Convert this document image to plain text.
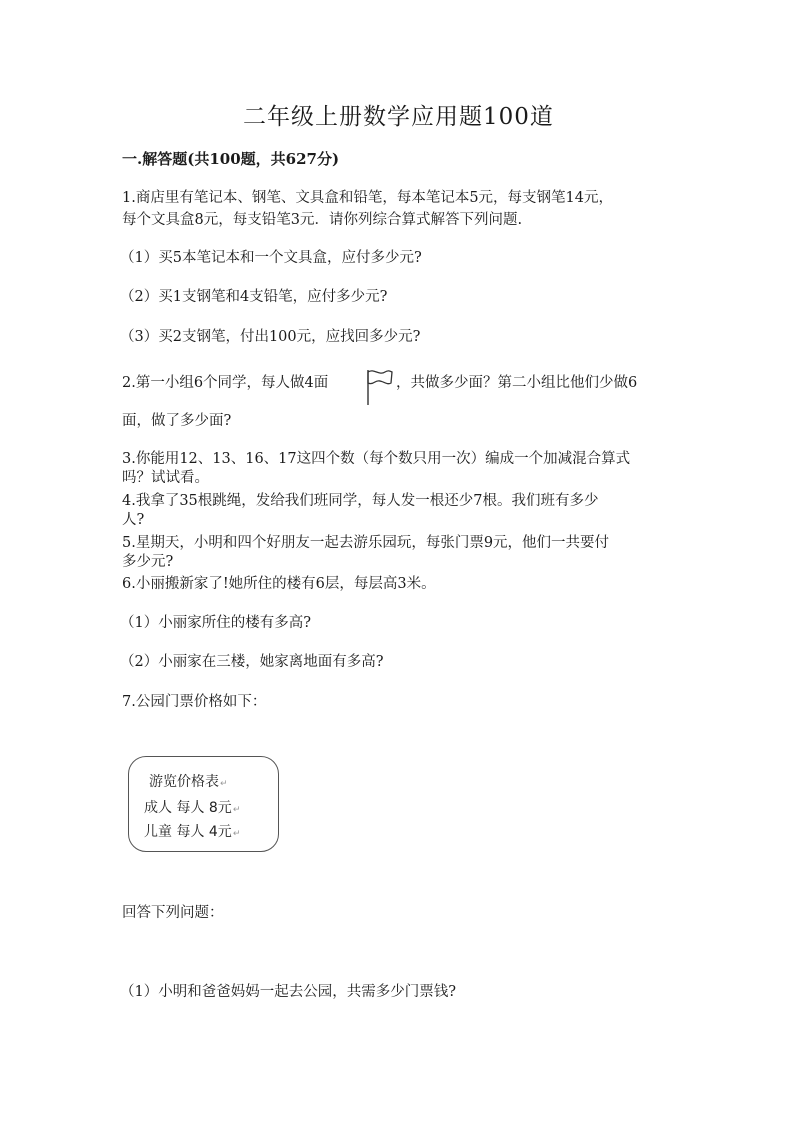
二年级上册数学应用题100道
一.解答题(共100题，共627分)
1.商店里有笔记本、钢笔、文具盒和铅笔，每本笔记本5元，每支钢笔14元，
每个文具盒8元，每支铅笔3元．请你列综合算式解答下列问题.
（1）买5本笔记本和一个文具盒，应付多少元?
（2）买1支钢笔和4支铅笔，应付多少元?
（3）买2支钢笔，付出100元，应找回多少元?
2.第一小组6个同学，每人做4面	，共做多少面？第二小组比他们少做6
面，做了多少面?
3.你能用12、13、16、17这四个数（每个数只用一次）编成一个加减混合算式
吗？试试看。
4.我拿了35根跳绳，发给我们班同学，每人发一根还少7根。我们班有多少
人?
5.星期天，小明和四个好朋友一起去游乐园玩，每张门票9元，他们一共要付
多少元?
6.小丽搬新家了!她所住的楼有6层，每层高3米。
（1）小丽家所住的楼有多高?
（2）小丽家在三楼，她家离地面有多高?
7.公园门票价格如下：
游览价格表↵
成人 每人 8元↵
儿童 每人 4元↵
回答下列问题：
（1）小明和爸爸妈妈一起去公园，共需多少门票钱?
